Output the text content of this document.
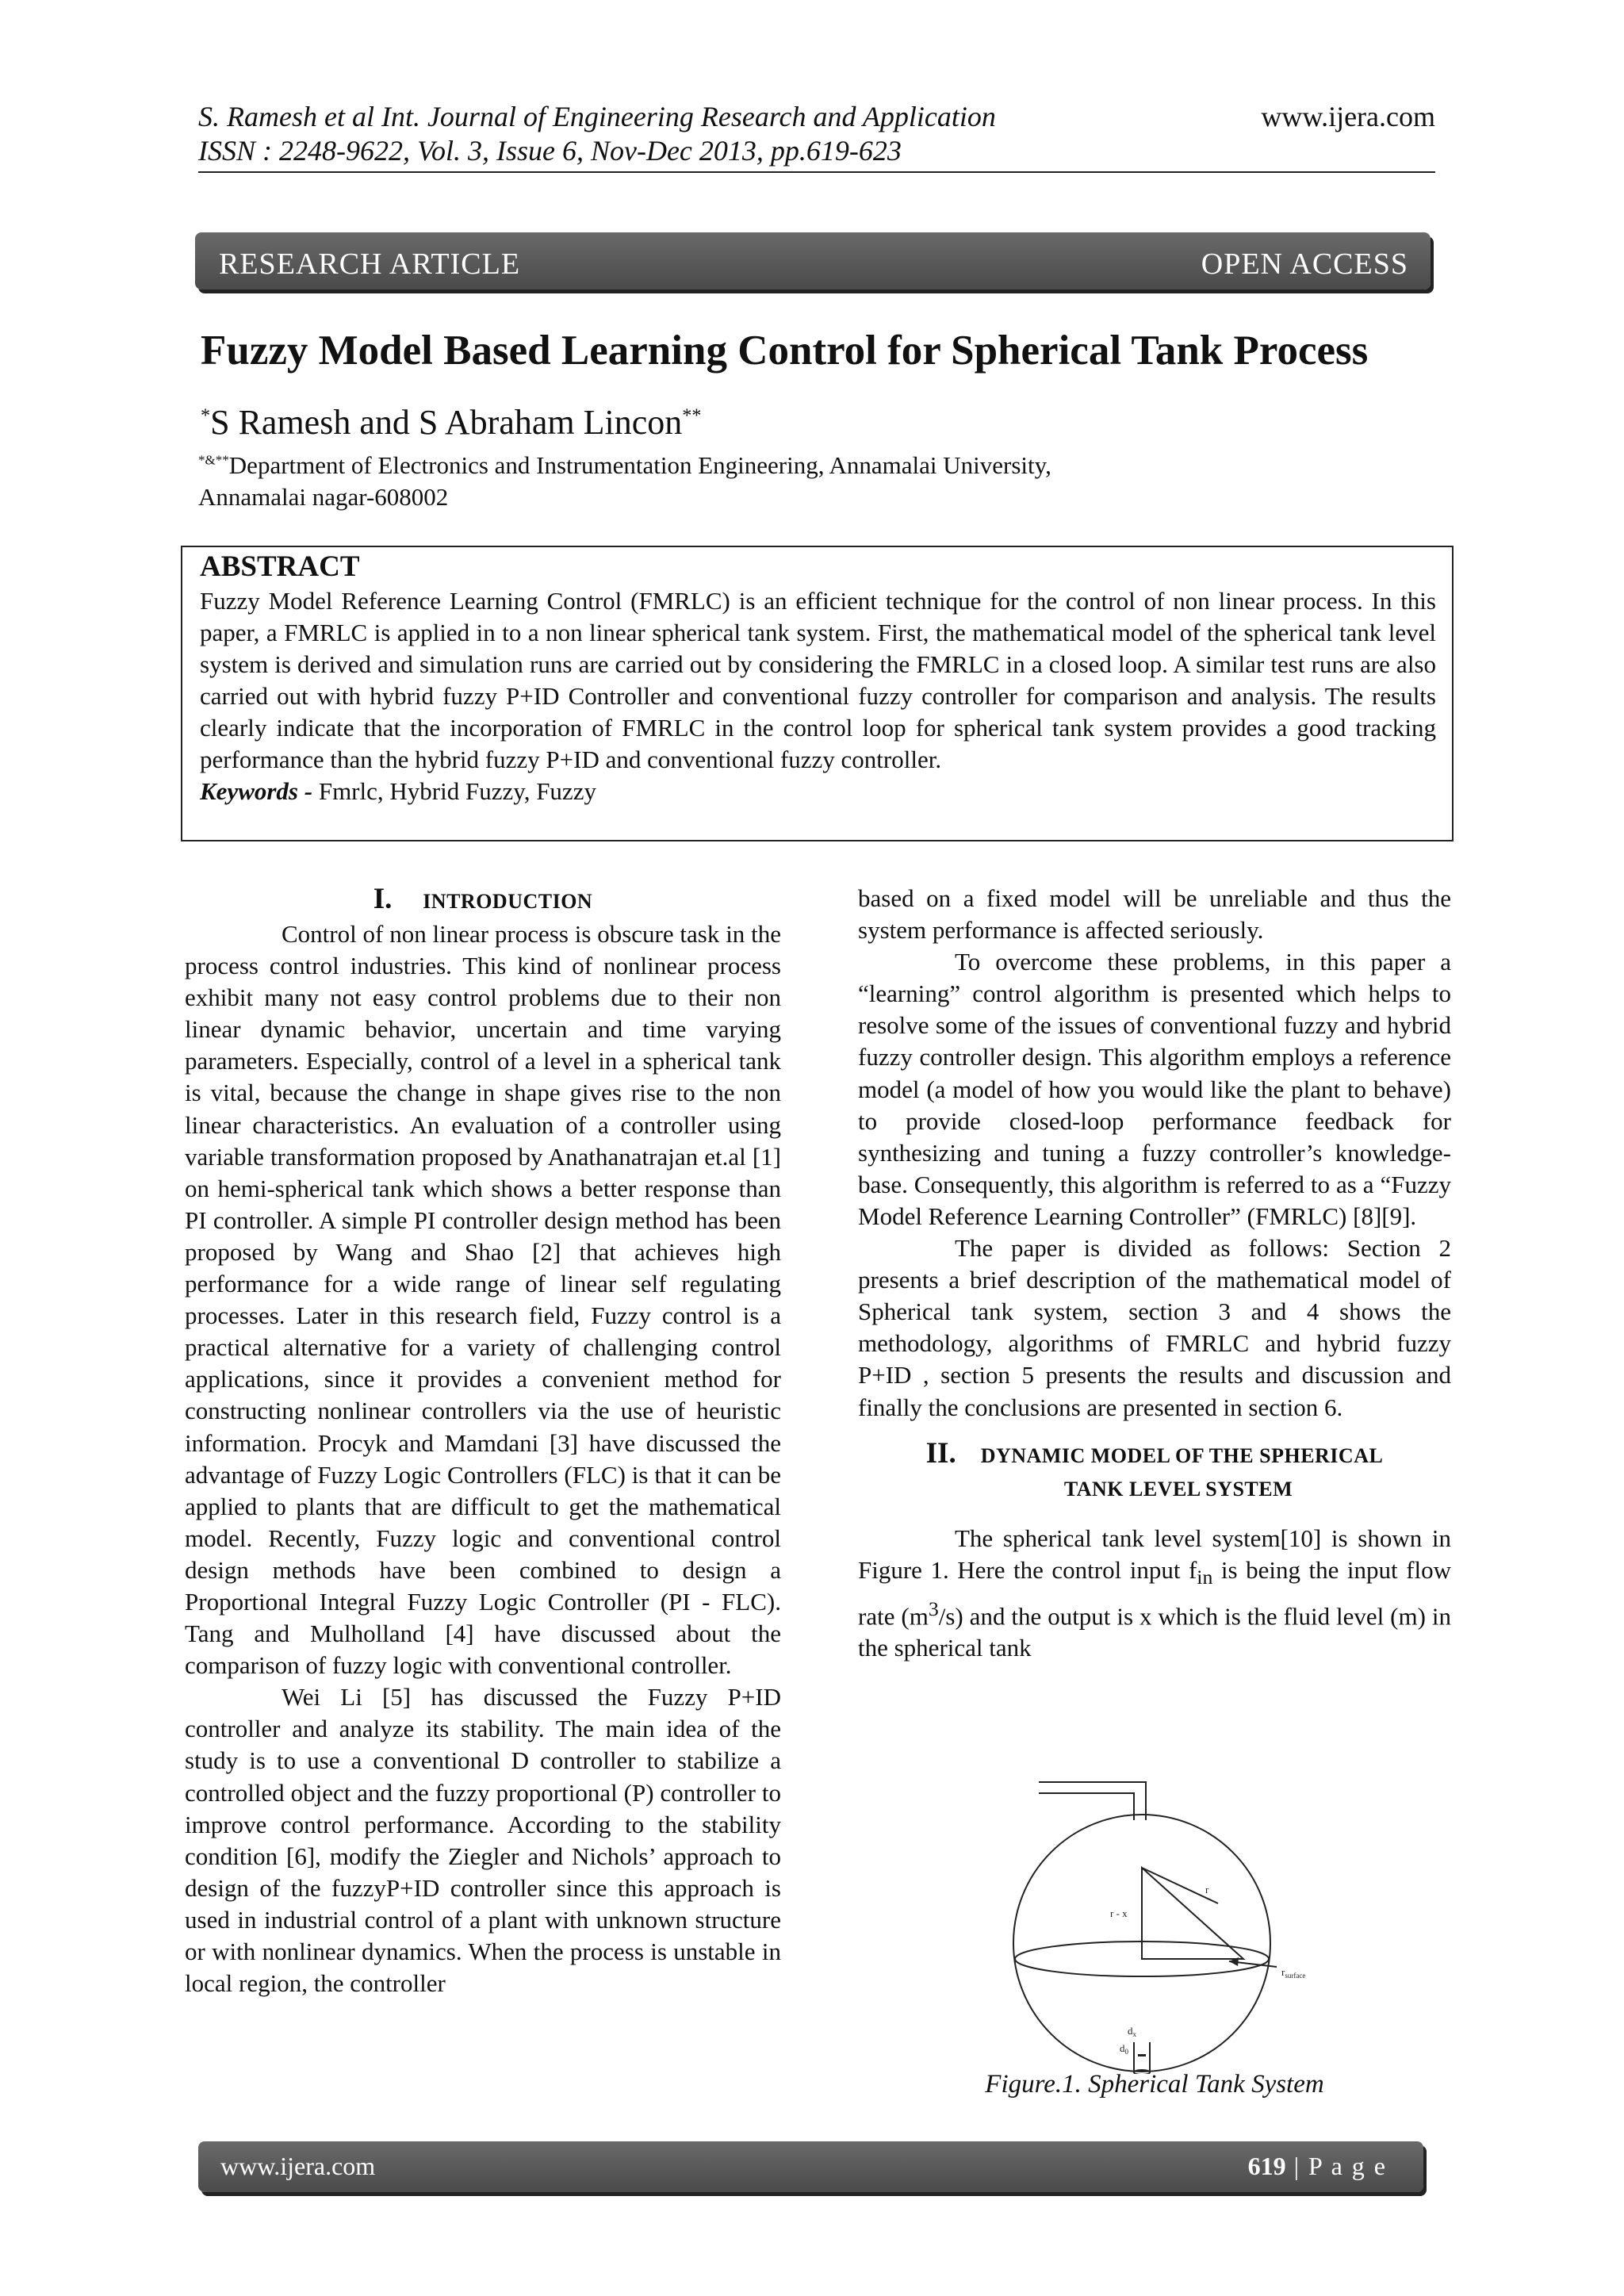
S. Ramesh et al Int. Journal of Engineering Research and Application	www.ijera.com
ISSN : 2248-9622, Vol. 3, Issue 6, Nov-Dec 2013, pp.619-623
RESEARCH ARTICLE	OPEN ACCESS
Fuzzy Model Based Learning Control for Spherical Tank Process
*S Ramesh and S Abraham Lincon**
*&**Department of Electronics and Instrumentation Engineering, Annamalai University,
Annamalai nagar-608002
ABSTRACT

Fuzzy Model Reference Learning Control (FMRLC) is an efficient technique for the control of non linear process. In this paper, a FMRLC is applied in to a non linear spherical tank system. First, the mathematical model of the spherical tank level system is derived and simulation runs are carried out by considering the FMRLC in a closed loop. A similar test runs are also carried out with hybrid fuzzy P+ID Controller and conventional fuzzy controller for comparison and analysis. The results clearly indicate that the incorporation of FMRLC in the control loop for spherical tank system provides a good tracking performance than the hybrid fuzzy P+ID and conventional fuzzy controller.

Keywords - Fmrlc, Hybrid Fuzzy, Fuzzy

I. INTRODUCTION

Control of non linear process is obscure task in the process control industries. This kind of nonlinear process exhibit many not easy control problems due to their non linear dynamic behavior, uncertain and time varying parameters. Especially, control of a level in a spherical tank is vital, because the change in shape gives rise to the non linear characteristics. An evaluation of a controller using variable transformation proposed by Anathanatrajan et.al [1] on hemi-spherical tank which shows a better response than PI controller. A simple PI controller design method has been proposed by Wang and Shao [2] that achieves high performance for a wide range of linear self regulating processes. Later in this research field, Fuzzy control is a practical alternative for a variety of challenging control applications, since it provides a convenient method for constructing nonlinear controllers via the use of heuristic information. Procyk and Mamdani [3] have discussed the advantage of Fuzzy Logic Controllers (FLC) is that it can be applied to plants that are difficult to get the mathematical model. Recently, Fuzzy logic and conventional control design methods have been combined to design a Proportional Integral Fuzzy Logic Controller (PI - FLC). Tang and Mulholland [4] have discussed about the comparison of fuzzy logic with conventional controller.

Wei Li [5] has discussed the Fuzzy P+ID controller and analyze its stability. The main idea of the study is to use a conventional D controller to stabilize a controlled object and the fuzzy proportional (P) controller to improve control performance. According to the stability condition [6], modify the Ziegler and Nichols’ approach to design of the fuzzyP+ID controller since this approach is used in industrial control of a plant with unknown structure or with nonlinear dynamics. When the process is unstable in local region, the controller

based on a fixed model will be unreliable and thus the system performance is affected seriously.

To overcome these problems, in this paper a “learning” control algorithm is presented which helps to resolve some of the issues of conventional fuzzy and hybrid fuzzy controller design. This algorithm employs a reference model (a model of how you would like the plant to behave) to provide closed-loop performance feedback for synthesizing and tuning a fuzzy controller’s knowledge-base. Consequently, this algorithm is referred to as a “Fuzzy Model Reference Learning Controller” (FMRLC) [8][9].

The paper is divided as follows: Section 2 presents a brief description of the mathematical model of Spherical tank system, section 3 and 4 shows the methodology, algorithms of FMRLC and hybrid fuzzy P+ID , section 5 presents the results and discussion and finally the conclusions are presented in section 6.

II. DYNAMIC MODEL OF THE SPHERICAL
TANK LEVEL SYSTEM

The spherical tank level system[10] is shown in Figure 1. Here the control input $f_{in}$ is being the input flow rate $(m^3/s)$ and the output is x which is the fluid level (m) in the spherical tank

r - x
r
$r_{surface}$
$d_x$
$d_0$
Figure.1. Spherical Tank System
www.ijera.com	619 | P a g e
